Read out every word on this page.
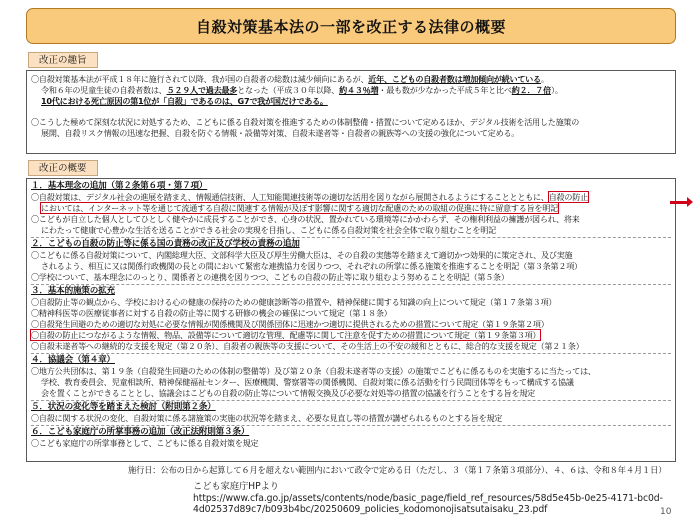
自殺対策基本法の一部を改正する法律の概要
改正の趣旨
〇自殺対策基本法が平成１８年に施行されて以降、我が国の自殺者の総数は減少傾向にあるが、近年、こどもの自殺者数は増加傾向が続いている。
令和６年の児童生徒の自殺者数は、５２９人で過去最多となった（平成３０年以降、約４３％増・最も数が少なかった平成５年と比べ約２．７倍）。
10代における死亡原因の第1位が「自殺」であるのは、G7で我が国だけである。
〇こうした極めて深刻な状況に対処するため、こどもに係る自殺対策を推進するための体制整備・措置について定めるほか、デジタル技術を活用した施策の
展開、自殺リスク情報の迅速な把握、自殺を防ぐる情報・設備等対策、自殺未遂者等・自殺者の親族等への支援の強化について定める。
改正の概要
１．基本理念の追加（第２条第６項・第７項）
〇自殺対策は、デジタル社会の進展を踏まえ、情報通信技術、人工知能関連技術等の適切な活用を図りながら展開されるようにすることとともに、自殺の防止
においては、インターネット等を通じて流通する自殺に関連する情報が及ぼす影響に関する適切な配慮のための取組の促進に特に留意する旨を明記
〇こどもが自立した個人としてひとしく健やかに成長することができ、心身の状況、置かれている環境等にかかわらず、その権利利益の擁護が図られ、将来
にわたって健康で心豊かな生活を送ることができる社会の実現を目指し、こどもに係る自殺対策を社会全体で取り組むことを明記
２．こどもの自殺の防止等に係る国の責務の改正及び学校の責務の追加
〇こどもに係る自殺対策について、内閣総理大臣、文部科学大臣及び厚生労働大臣は、その自殺の実態等を踏まえて適切かつ効果的に策定され、及び実施
されるよう、相互に又は関係行政機関の長との間において緊密な連携協力を図りつつ、それぞれの所掌に係る施策を推進することを明記（第３条第２項）
〇学校について、基本理念にのっとり、関係者との連携を図りつつ、こどもの自殺の防止等に取り組むよう努めることを明記（第５条）
３．基本的施策の拡充
〇自殺防止等の観点から、学校における心の健康の保持のための健康診断等の措置や、精神保健に関する知識の向上について規定（第１７条第３項）
〇精神科医等の医療従事者に対する自殺の防止等に関する研修の機会の確保について規定（第１８条）
〇自殺発生回避のための適切な対処に必要な情報が関係機関及び関係団体に迅速かつ適切に提供されるための措置について規定（第１９条第２項）
〇自殺の防止につながるような情報、物品、設備等について適切な管理、配慮等に関して注意を促すための措置について規定（第１９条第３項）
〇自殺未遂者等への継続的な支援を規定（第２０条）、自殺者の親族等の支援について、その生活上の不安の緩和とともに、総合的な支援を規定（第２１条）
４．協議会（第４章）
〇地方公共団体は、第１９条（自殺発生回避のための体制の整備等）及び第２０条（自殺未遂者等の支援）の施策でこどもに係るものを実施するに当たっては、
学校、教育委員会、児童相談所、精神保健福祉センター、医療機関、警察署等の関係機関、自殺対策に係る活動を行う民間団体等をもって構成する協議
会を置くことができることとし、協議会はこどもの自殺の防止等について情報交換及び必要な対処等の措置の協議を行うことをする旨を規定
５．状況の変化等を踏まえた検討（附則第２条）
〇自殺に関する状況の変化、自殺対策に係る諸施策の実施の状況等を踏まえ、必要な見直し等の措置が講ぜられるものとする旨を規定
６．こども家庭庁の所掌事務の追加（改正法附則第３条）
〇こども家庭庁の所掌事務として、こどもに係る自殺対策を規定
施行日：公布の日から起算して６月を超えない範囲内において政令で定める日（ただし、３（第１７条第３項部分）、４、６は、令和８年４月１日）
10
こども家庭庁HPより
https://www.cfa.go.jp/assets/contents/node/basic_page/field_ref_resources/58d5e45b-0e25-4171-bc0d-
4d02537d89c7/b093b4bc/20250609_policies_kodomonojisatsutaisaku_23.pdf
